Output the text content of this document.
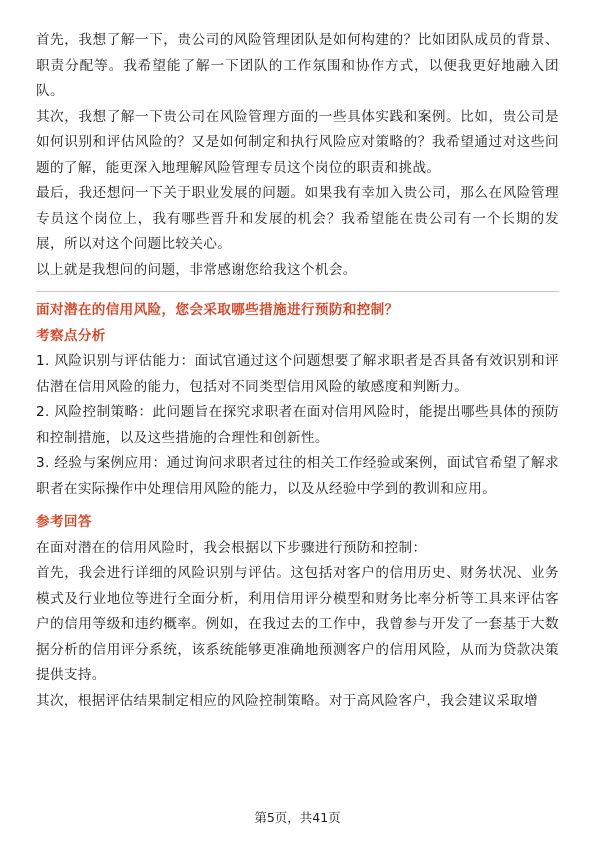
首先，我想了解一下，贵公司的风险管理团队是如何构建的？比如团队成员的背景、职责分配等。我希望能了解一下团队的工作氛围和协作方式，以便我更好地融入团队。

其次，我想了解一下贵公司在风险管理方面的一些具体实践和案例。比如，贵公司是如何识别和评估风险的？又是如何制定和执行风险应对策略的？我希望通过对这些问题的了解，能更深入地理解风险管理专员这个岗位的职责和挑战。

最后，我还想问一下关于职业发展的问题。如果我有幸加入贵公司，那么在风险管理专员这个岗位上，我有哪些晋升和发展的机会？我希望能在贵公司有一个长期的发展，所以对这个问题比较关心。

以上就是我想问的问题，非常感谢您给我这个机会。

面对潜在的信用风险，您会采取哪些措施进行预防和控制？

考察点分析

1. 风险识别与评估能力：面试官通过这个问题想要了解求职者是否具备有效识别和评估潜在信用风险的能力，包括对不同类型信用风险的敏感度和判断力。

2. 风险控制策略：此问题旨在探究求职者在面对信用风险时，能提出哪些具体的预防和控制措施，以及这些措施的合理性和创新性。

3. 经验与案例应用：通过询问求职者过往的相关工作经验或案例，面试官希望了解求职者在实际操作中处理信用风险的能力，以及从经验中学到的教训和应用。

参考回答

在面对潜在的信用风险时，我会根据以下步骤进行预防和控制：

首先，我会进行详细的风险识别与评估。这包括对客户的信用历史、财务状况、业务模式及行业地位等进行全面分析，利用信用评分模型和财务比率分析等工具来评估客户的信用等级和违约概率。例如，在我过去的工作中，我曾参与开发了一套基于大数据分析的信用评分系统，该系统能够更准确地预测客户的信用风险，从而为贷款决策提供支持。

其次，根据评估结果制定相应的风险控制策略。对于高风险客户，我会建议采取增

第5页，共41页
